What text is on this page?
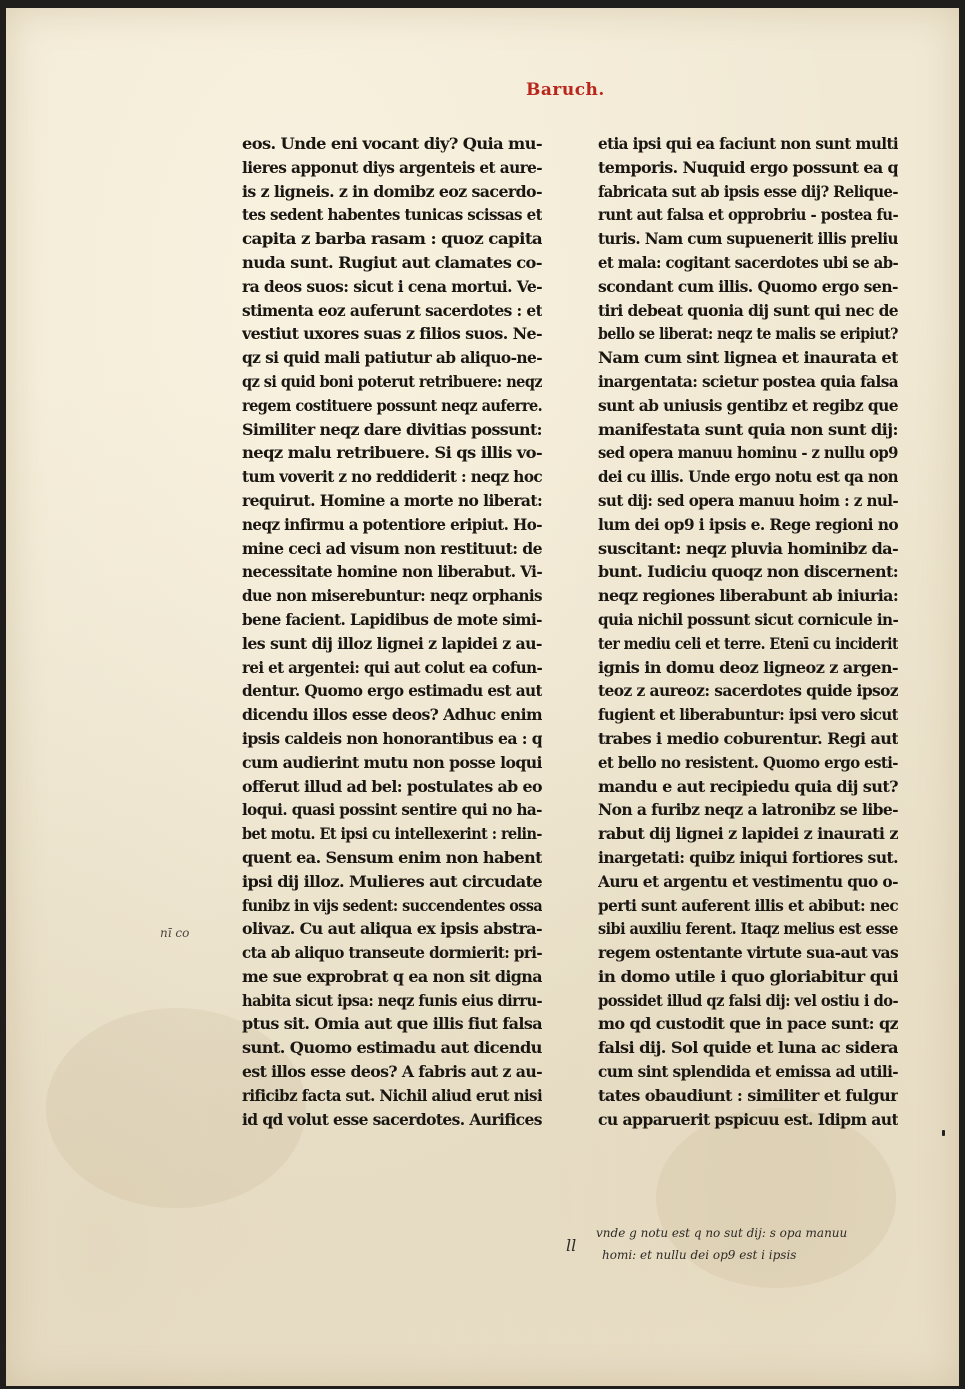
Baruch.
eos. Unde eni vocant diy? Quia mu-
lieres apponut diys argenteis et aure-
is z ligneis. z in domibz eoz sacerdo-
tes sedent habentes tunicas scissas et
capita z barba rasam : quoz capita
nuda sunt. Rugiut aut clamates co-
ra deos suos: sicut i cena mortui. Ve-
stimenta eoz auferunt sacerdotes : et
vestiut uxores suas z filios suos. Ne-
qz si quid mali patiutur ab aliquo-ne-
qz si quid boni poterut retribuere: neqz
regem costituere possunt neqz auferre.
Similiter neqz dare divitias possunt:
neqz malu retribuere. Si qs illis vo-
tum voverit z no reddiderit : neqz hoc
requirut. Homine a morte no liberat:
neqz infirmu a potentiore eripiut. Ho-
mine ceci ad visum non restituut: de
necessitate homine non liberabut. Vi-
due non miserebuntur: neqz orphanis
bene facient. Lapidibus de mote simi-
les sunt dij illoz lignei z lapidei z au-
rei et argentei: qui aut colut ea cofun-
dentur. Quomo ergo estimadu est aut
dicendu illos esse deos? Adhuc enim
ipsis caldeis non honorantibus ea : q
cum audierint mutu non posse loqui
offerut illud ad bel: postulates ab eo
loqui. quasi possint sentire qui no ha-
bet motu. Et ipsi cu intellexerint : relin-
quent ea. Sensum enim non habent
ipsi dij illoz. Mulieres aut circudate
funibz in vijs sedent: succendentes ossa
olivaz. Cu aut aliqua ex ipsis abstra-
cta ab aliquo transeute dormierit: pri-
me sue exprobrat q ea non sit digna
habita sicut ipsa: neqz funis eius dirru-
ptus sit. Omia aut que illis fiut falsa
sunt. Quomo estimadu aut dicendu
est illos esse deos? A fabris aut z au-
rificibz facta sut. Nichil aliud erut nisi
id qd volut esse sacerdotes. Aurifices
etia ipsi qui ea faciunt non sunt multi
temporis. Nuquid ergo possunt ea q
fabricata sut ab ipsis esse dij? Relique-
runt aut falsa et opprobriu - postea fu-
turis. Nam cum supuenerit illis preliu
et mala: cogitant sacerdotes ubi se ab-
scondant cum illis. Quomo ergo sen-
tiri debeat quonia dij sunt qui nec de
bello se liberat: neqz te malis se eripiut?
Nam cum sint lignea et inaurata et
inargentata: scietur postea quia falsa
sunt ab uniusis gentibz et regibz que
manifestata sunt quia non sunt dij:
sed opera manuu hominu - z nullu op9
dei cu illis. Unde ergo notu est qa non
sut dij: sed opera manuu hoim : z nul-
lum dei op9 i ipsis e. Rege regioni no
suscitant: neqz pluvia hominibz da-
bunt. Iudiciu quoqz non discernent:
neqz regiones liberabunt ab iniuria:
quia nichil possunt sicut cornicule in-
ter mediu celi et terre. Etenī cu inciderit
ignis in domu deoz ligneoz z argen-
teoz z aureoz: sacerdotes quide ipsoz
fugient et liberabuntur: ipsi vero sicut
trabes i medio coburentur. Regi aut
et bello no resistent. Quomo ergo esti-
mandu e aut recipiedu quia dij sut?
Non a furibz neqz a latronibz se libe-
rabut dij lignei z lapidei z inaurati z
inargetati: quibz iniqui fortiores sut.
Auru et argentu et vestimentu quo o-
perti sunt auferent illis et abibut: nec
sibi auxiliu ferent. Itaqz melius est esse
regem ostentante virtute sua-aut vas
in domo utile i quo gloriabitur qui
possidet illud qz falsi dij: vel ostiu i do-
mo qd custodit que in pace sunt: qz
falsi dij. Sol quide et luna ac sidera
cum sint splendida et emissa ad utili-
tates obaudiunt : similiter et fulgur
cu apparuerit pspicuu est. Idipm aut
nī co
ll
vnde g notu est q no sut dij: s opa manuu
homi: et nullu dei op9 est i ipsis
